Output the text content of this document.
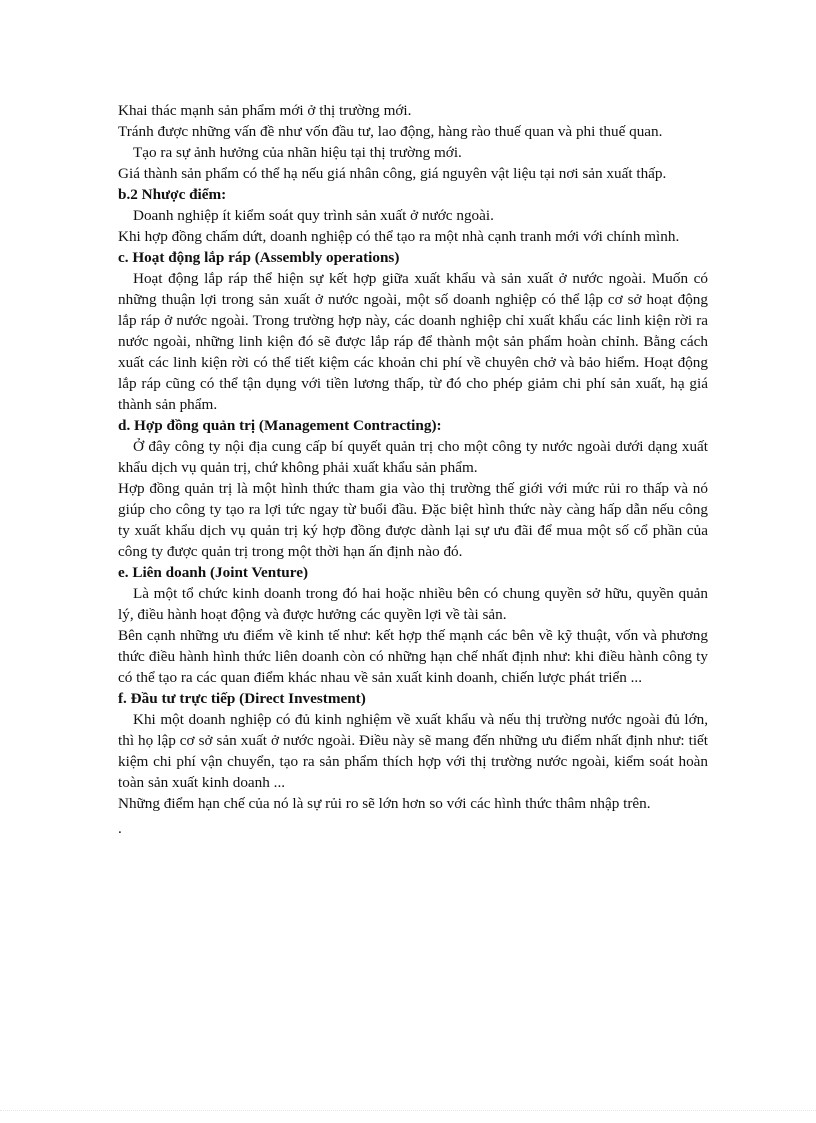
Khai thác mạnh sản phẩm mới ở thị trường mới.

Tránh được những vấn đề như vốn đầu tư, lao động, hàng rào thuế quan và phi thuế quan.

Tạo ra sự ảnh hưởng của nhãn hiệu tại thị trường mới.

Giá thành sản phẩm có thể hạ nếu giá nhân công, giá nguyên vật liệu tại nơi sản xuất thấp.

b.2 Nhược điểm:

Doanh nghiệp ít kiểm soát quy trình sản xuất ở nước ngoài.

Khi hợp đồng chấm dứt, doanh nghiệp có thể tạo ra một nhà cạnh tranh mới với chính mình.

c. Hoạt động lắp ráp (Assembly operations)

Hoạt động lắp ráp thể hiện sự kết hợp giữa xuất khẩu và sản xuất ở nước ngoài. Muốn có những thuận lợi trong sản xuất ở nước ngoài, một số doanh nghiệp có thể lập cơ sở hoạt động lắp ráp ở nước ngoài. Trong trường hợp này, các doanh nghiệp chỉ xuất khẩu các linh kiện rời ra nước ngoài, những linh kiện đó sẽ được lắp ráp để thành một sản phẩm hoàn chỉnh. Bằng cách xuất các linh kiện rời có thể tiết kiệm các khoản chi phí về chuyên chở và bảo hiểm. Hoạt động lắp ráp cũng có thể tận dụng với tiền lương thấp, từ đó cho phép giảm chi phí sản xuất, hạ giá thành sản phẩm.

d. Hợp đồng quản trị (Management Contracting):

Ở đây công ty nội địa cung cấp bí quyết quản trị cho một công ty nước ngoài dưới dạng xuất khẩu dịch vụ quản trị, chứ không phải xuất khẩu sản phẩm.

Hợp đồng quản trị là một hình thức tham gia vào thị trường thế giới với mức rủi ro thấp và nó giúp cho công ty tạo ra lợi tức ngay từ buổi đầu. Đặc biệt hình thức này càng hấp dẫn nếu công ty xuất khẩu dịch vụ quản trị ký hợp đồng được dành lại sự ưu đãi để mua một số cổ phần của công ty được quản trị trong một thời hạn ấn định nào đó.

e. Liên doanh (Joint Venture)

Là một tổ chức kinh doanh trong đó hai hoặc nhiều bên có chung quyền sở hữu, quyền quản lý, điều hành hoạt động và được hưởng các quyền lợi về tài sản.

Bên cạnh những ưu điểm về kinh tế như: kết hợp thế mạnh các bên về kỹ thuật, vốn và phương thức điều hành hình thức liên doanh còn có những hạn chế nhất định như: khi điều hành công ty có thể tạo ra các quan điểm khác nhau về sản xuất kinh doanh, chiến lược phát triển ...

f. Đầu tư trực tiếp (Direct Investment)

Khi một doanh nghiệp có đủ kinh nghiệm về xuất khẩu và nếu thị trường nước ngoài đủ lớn, thì họ lập cơ sở sản xuất ở nước ngoài. Điều này sẽ mang đến những ưu điểm nhất định như: tiết kiệm chi phí vận chuyển, tạo ra sản phẩm thích hợp với thị trường nước ngoài, kiểm soát hoàn toàn sản xuất kinh doanh ...

Những điểm hạn chế của nó là sự rủi ro sẽ lớn hơn so với các hình thức thâm nhập trên.

.
